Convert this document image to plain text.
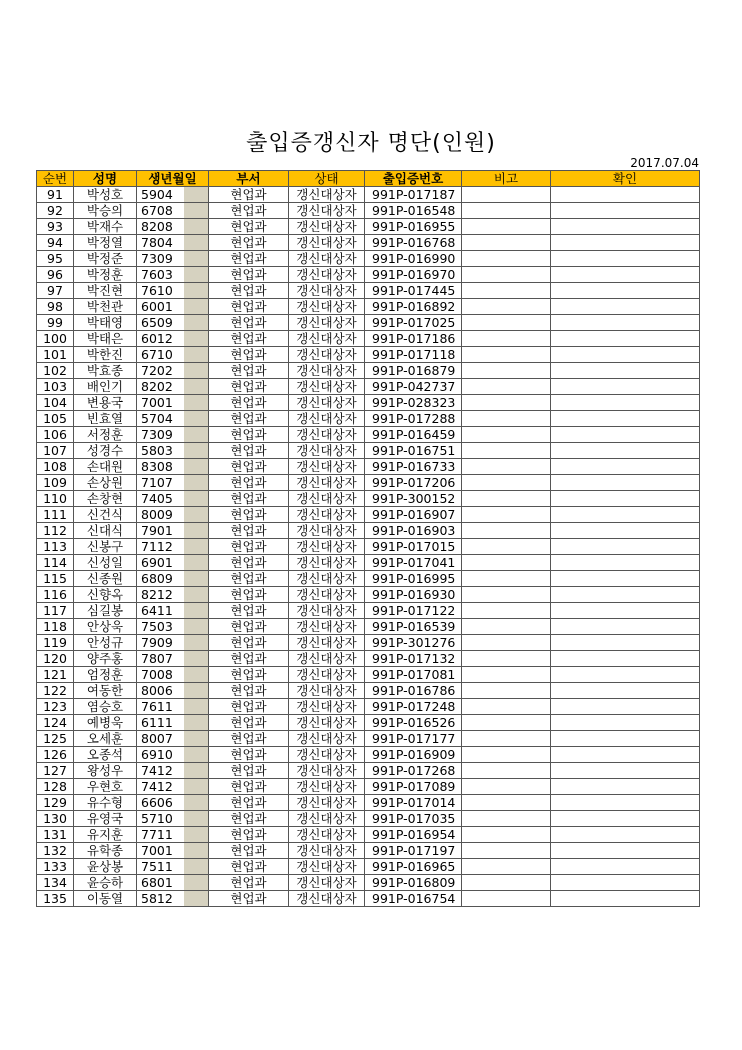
출입증갱신자 명단(인원)
2017.07.04
순번	성명	생년월일	부서	상태	출입증번호	비고	확인
91	박성호	5904	현업과	갱신대상자	991P-017187		
92	박승의	6708	현업과	갱신대상자	991P-016548		
93	박재수	8208	현업과	갱신대상자	991P-016955		
94	박정열	7804	현업과	갱신대상자	991P-016768		
95	박정준	7309	현업과	갱신대상자	991P-016990		
96	박정훈	7603	현업과	갱신대상자	991P-016970		
97	박진현	7610	현업과	갱신대상자	991P-017445		
98	박천관	6001	현업과	갱신대상자	991P-016892		
99	박태영	6509	현업과	갱신대상자	991P-017025		
100	박태은	6012	현업과	갱신대상자	991P-017186		
101	박한진	6710	현업과	갱신대상자	991P-017118		
102	박효종	7202	현업과	갱신대상자	991P-016879		
103	배인기	8202	현업과	갱신대상자	991P-042737		
104	변용국	7001	현업과	갱신대상자	991P-028323		
105	빈효열	5704	현업과	갱신대상자	991P-017288		
106	서정훈	7309	현업과	갱신대상자	991P-016459		
107	성경수	5803	현업과	갱신대상자	991P-016751		
108	손대원	8308	현업과	갱신대상자	991P-016733		
109	손상원	7107	현업과	갱신대상자	991P-017206		
110	손창현	7405	현업과	갱신대상자	991P-300152		
111	신건식	8009	현업과	갱신대상자	991P-016907		
112	신대식	7901	현업과	갱신대상자	991P-016903		
113	신봉구	7112	현업과	갱신대상자	991P-017015		
114	신성일	6901	현업과	갱신대상자	991P-017041		
115	신종원	6809	현업과	갱신대상자	991P-016995		
116	신향옥	8212	현업과	갱신대상자	991P-016930		
117	심길봉	6411	현업과	갱신대상자	991P-017122		
118	안상욱	7503	현업과	갱신대상자	991P-016539		
119	안성규	7909	현업과	갱신대상자	991P-301276		
120	양주홍	7807	현업과	갱신대상자	991P-017132		
121	엄정훈	7008	현업과	갱신대상자	991P-017081		
122	여동한	8006	현업과	갱신대상자	991P-016786		
123	염승호	7611	현업과	갱신대상자	991P-017248		
124	예병욱	6111	현업과	갱신대상자	991P-016526		
125	오세훈	8007	현업과	갱신대상자	991P-017177		
126	오종석	6910	현업과	갱신대상자	991P-016909		
127	왕성우	7412	현업과	갱신대상자	991P-017268		
128	우현호	7412	현업과	갱신대상자	991P-017089		
129	유수형	6606	현업과	갱신대상자	991P-017014		
130	유영국	5710	현업과	갱신대상자	991P-017035		
131	유지훈	7711	현업과	갱신대상자	991P-016954		
132	유학종	7001	현업과	갱신대상자	991P-017197		
133	윤상봉	7511	현업과	갱신대상자	991P-016965		
134	윤승하	6801	현업과	갱신대상자	991P-016809		
135	이동열	5812	현업과	갱신대상자	991P-016754		
